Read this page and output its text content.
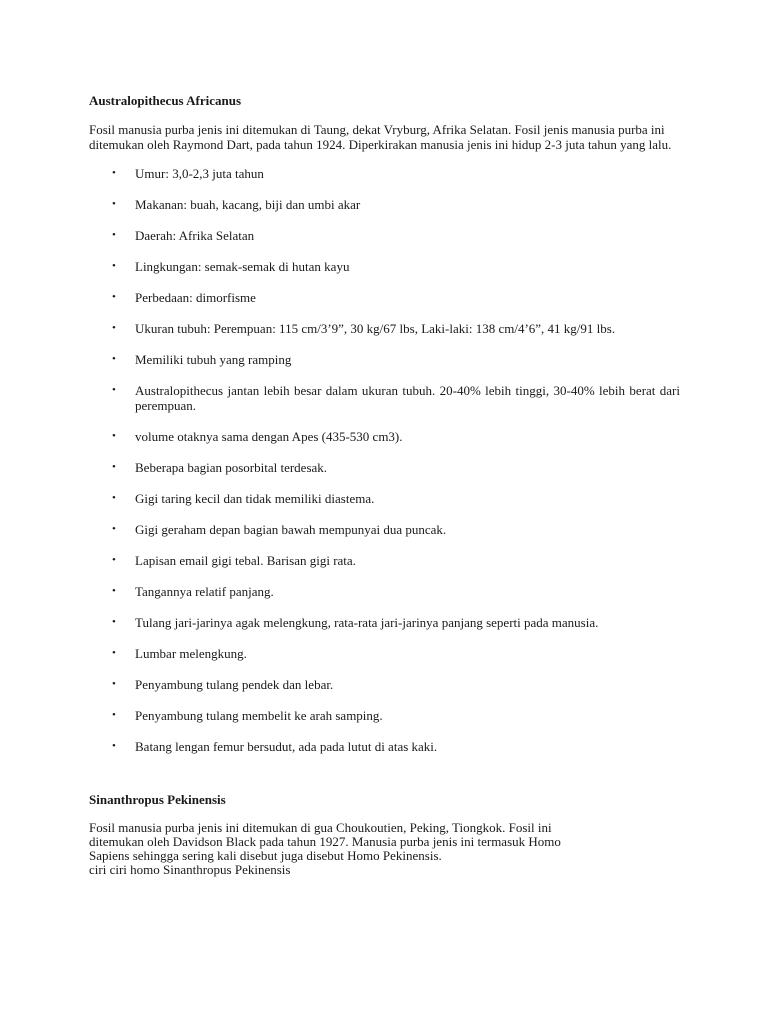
Australopithecus Africanus

Fosil manusia purba jenis ini ditemukan di Taung, dekat Vryburg, Afrika Selatan. Fosil jenis manusia purba ini ditemukan oleh Raymond Dart, pada tahun 1924. Diperkirakan manusia jenis ini hidup 2-3 juta tahun yang lalu.

• Umur: 3,0-2,3 juta tahun
• Makanan: buah, kacang, biji dan umbi akar
• Daerah: Afrika Selatan
• Lingkungan: semak-semak di hutan kayu
• Perbedaan: dimorfisme
• Ukuran tubuh: Perempuan: 115 cm/3’9”, 30 kg/67 lbs, Laki-laki: 138 cm/4’6”, 41 kg/91 lbs.
• Memiliki tubuh yang ramping
• Australopithecus jantan lebih besar dalam ukuran tubuh. 20-40% lebih tinggi, 30-40% lebih berat dari perempuan.
• volume otaknya sama dengan Apes (435-530 cm3).
• Beberapa bagian posorbital terdesak.
• Gigi taring kecil dan tidak memiliki diastema.
• Gigi geraham depan bagian bawah mempunyai dua puncak.
• Lapisan email gigi tebal. Barisan gigi rata.
• Tangannya relatif panjang.
• Tulang jari-jarinya agak melengkung, rata-rata jari-jarinya panjang seperti pada manusia.
• Lumbar melengkung.
• Penyambung tulang pendek dan lebar.
• Penyambung tulang membelit ke arah samping.
• Batang lengan femur bersudut, ada pada lutut di atas kaki.
Sinanthropus Pekinensis

Fosil manusia purba jenis ini ditemukan di gua Choukoutien, Peking, Tiongkok. Fosil ini
ditemukan oleh Davidson Black pada tahun 1927. Manusia purba jenis ini termasuk Homo
Sapiens sehingga sering kali disebut juga disebut Homo Pekinensis.
ciri ciri homo Sinanthropus Pekinensis
